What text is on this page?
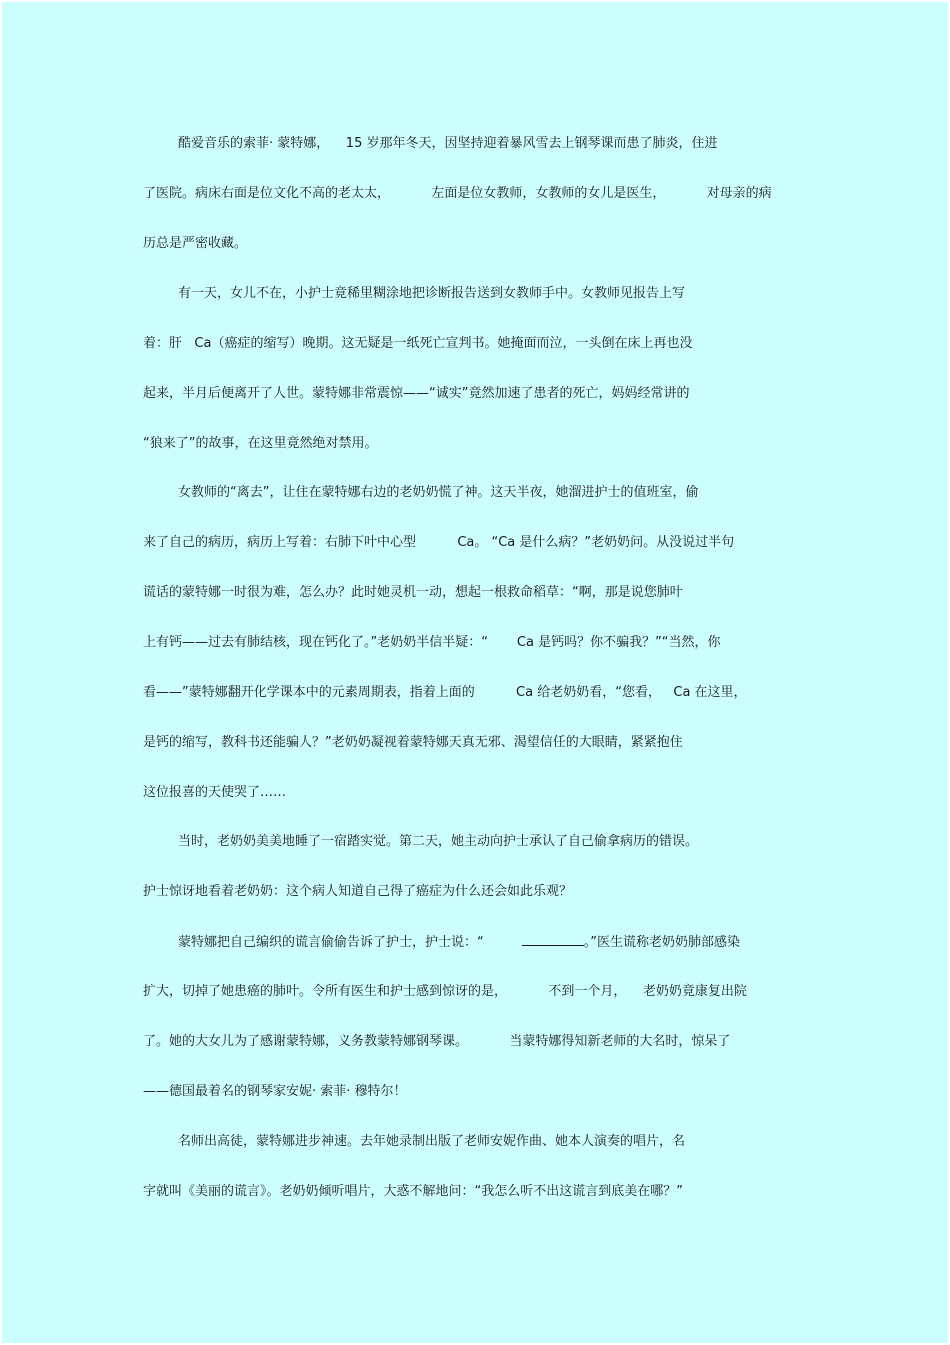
酷爱音乐的索菲· 蒙特娜，    15 岁那年冬天，因坚持迎着暴风雪去上钢琴课而患了肺炎，住进

了医院。病床右面是位文化不高的老太太，          左面是位女教师，女教师的女儿是医生，          对母亲的病

历总是严密收藏。

有一天，女儿不在，小护士竟稀里糊涂地把诊断报告送到女教师手中。女教师见报告上写

着：肝   Ca（癌症的缩写）晚期。这无疑是一纸死亡宣判书。她掩面而泣，一头倒在床上再也没

起来，半月后便离开了人世。蒙特娜非常震惊——“诚实”竟然加速了患者的死亡，妈妈经常讲的

“狼来了”的故事，在这里竟然绝对禁用。

女教师的“离去”，让住在蒙特娜右边的老奶奶慌了神。这天半夜，她溜进护士的值班室，偷

来了自己的病历，病历上写着：右肺下叶中心型          Ca。 “Ca 是什么病？”老奶奶问。从没说过半句

谎话的蒙特娜一时很为难，怎么办？此时她灵机一动，想起一根救命稻草：“啊，那是说您肺叶

上有钙——过去有肺结核，现在钙化了。”老奶奶半信半疑：“       Ca 是钙吗？你不骗我？”“当然，你

看——”蒙特娜翻开化学课本中的元素周期表，指着上面的          Ca 给老奶奶看，“您看，   Ca 在这里，

是钙的缩写，教科书还能骗人？”老奶奶凝视着蒙特娜天真无邪、渴望信任的大眼睛，紧紧抱住

这位报喜的天使哭了……

当时，老奶奶美美地睡了一宿踏实觉。第二天，她主动向护士承认了自己偷拿病历的错误。

护士惊讶地看着老奶奶：这个病人知道自己得了癌症为什么还会如此乐观？

蒙特娜把自己编织的谎言偷偷告诉了护士，护士说：“	。”医生谎称老奶奶肺部感染

扩大，切掉了她患癌的肺叶。令所有医生和护士感到惊讶的是，          不到一个月，    老奶奶竟康复出院

了。她的大女儿为了感谢蒙特娜，义务教蒙特娜钢琴课。          当蒙特娜得知新老师的大名时，惊呆了

——德国最着名的钢琴家安妮· 索菲· 穆特尔！

名师出高徒，蒙特娜进步神速。去年她录制出版了老师安妮作曲、她本人演奏的唱片，名

字就叫《美丽的谎言》。老奶奶倾听唱片，大惑不解地问：“我怎么听不出这谎言到底美在哪？”
